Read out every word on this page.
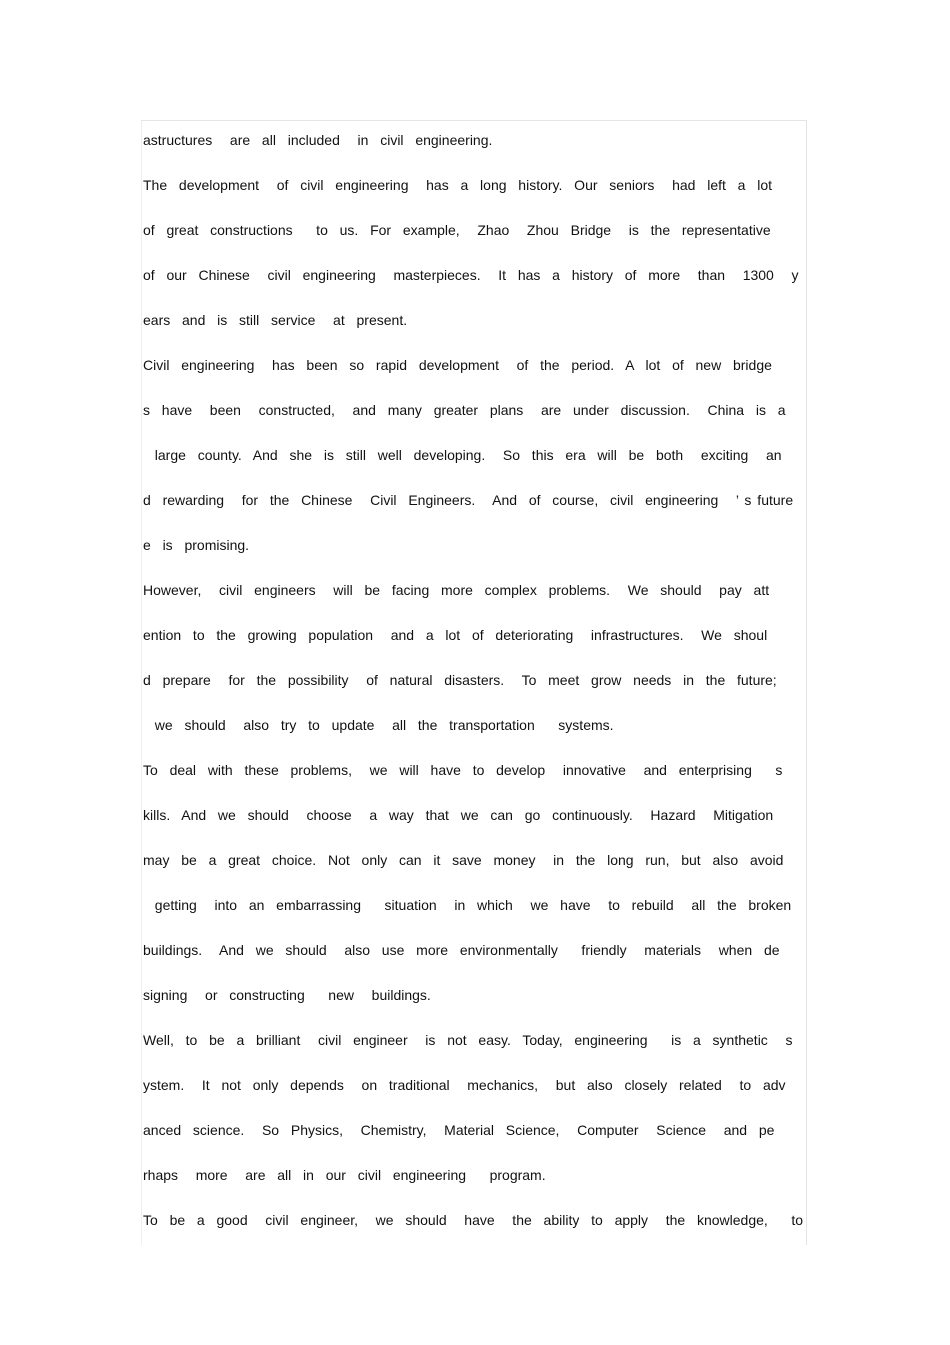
astructures   are  all  included   in  civil  engineering.

The  development   of  civil  engineering   has  a  long  history.  Our  seniors   had  left  a  lot

of  great  constructions    to  us.  For  example,   Zhao   Zhou  Bridge   is  the  representative

of  our  Chinese   civil  engineering   masterpieces.   It  has  a  history  of  more   than   1300   y

ears  and  is  still  service   at  present.

Civil  engineering   has  been  so  rapid  development   of  the  period.  A  lot  of  new  bridge

s  have   been   constructed,   and  many  greater  plans   are  under  discussion.   China  is  a

large  county.  And  she  is  still  well  developing.   So  this  era  will  be  both   exciting   an

d  rewarding   for  the  Chinese   Civil  Engineers.   And  of  course,  civil  engineering   ’ s future

e  is  promising.

However,   civil  engineers   will  be  facing  more  complex  problems.   We  should   pay  att

ention  to  the  growing  population   and  a  lot  of  deteriorating   infrastructures.   We  shoul

d  prepare   for  the  possibility   of  natural  disasters.   To  meet  grow  needs  in  the  future;

we  should   also  try  to  update   all  the  transportation    systems.

To  deal  with  these  problems,   we  will  have  to  develop   innovative   and  enterprising    s

kills.  And  we  should   choose   a  way  that  we  can  go  continuously.   Hazard   Mitigation

may  be  a  great  choice.  Not  only  can  it  save  money   in  the  long  run,  but  also  avoid

getting   into  an  embarrassing    situation   in  which   we  have   to  rebuild   all  the  broken

buildings.   And  we  should   also  use  more  environmentally    friendly   materials   when  de

signing   or  constructing    new   buildings.

Well,  to  be  a  brilliant   civil  engineer   is  not  easy.  Today,  engineering    is  a  synthetic   s

ystem.   It  not  only  depends   on  traditional   mechanics,   but  also  closely  related   to  adv

anced  science.   So  Physics,   Chemistry,   Material  Science,   Computer   Science   and  pe

rhaps   more   are  all  in  our  civil  engineering    program.

To  be  a  good   civil  engineer,   we  should   have   the  ability  to  apply   the  knowledge,    to
